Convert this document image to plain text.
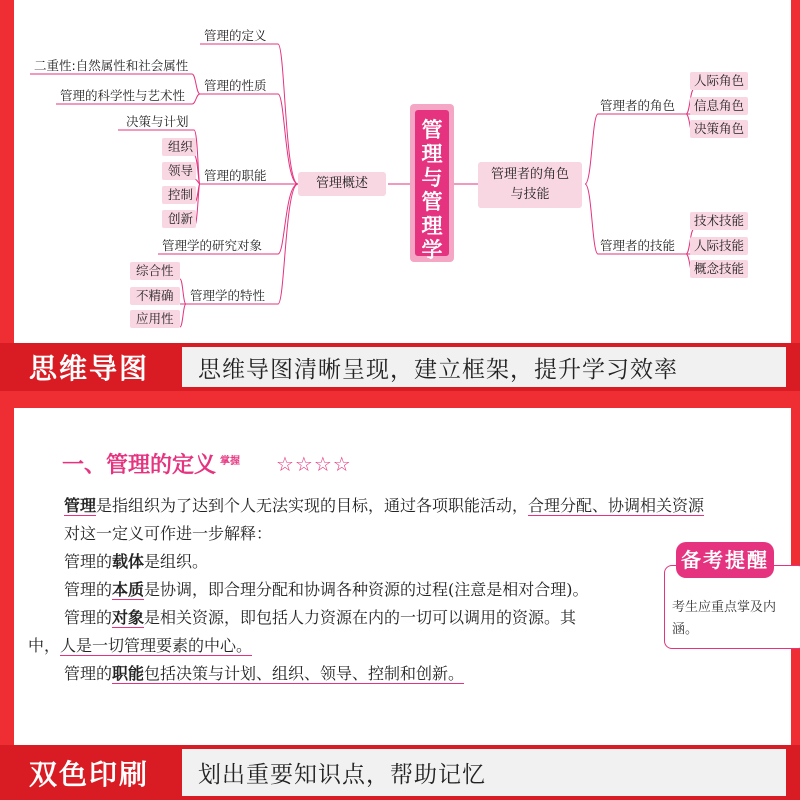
管理与管理学
管理概述
管理者的角色与技能
管理的定义
管理的性质
二重性:自然属性和社会属性
管理的科学性与艺术性
管理的职能
决策与计划
组织
领导
控制
创新
管理学的研究对象
管理学的特性
综合性
不精确
应用性
管理者的角色
人际角色
信息角色
决策角色
管理者的技能
技术技能
人际技能
概念技能
思维导图	思维导图清晰呈现，建立框架，提升学习效率
一、管理的定义 $^{掌握}$ ☆☆☆☆
管理是指组织为了达到个人无法实现的目标，通过各项职能活动，合理分配、协调相关资源
对这一定义可作进一步解释：
管理的载体是组织。
管理的本质是协调，即合理分配和协调各种资源的过程(注意是相对合理)。
管理的对象是相关资源，即包括人力资源在内的一切可以调用的资源。其
中，人是一切管理要素的中心。
管理的职能包括决策与计划、组织、领导、控制和创新。
备考提醒
考生应重点掌及内涵。
双色印刷	划出重要知识点，帮助记忆
